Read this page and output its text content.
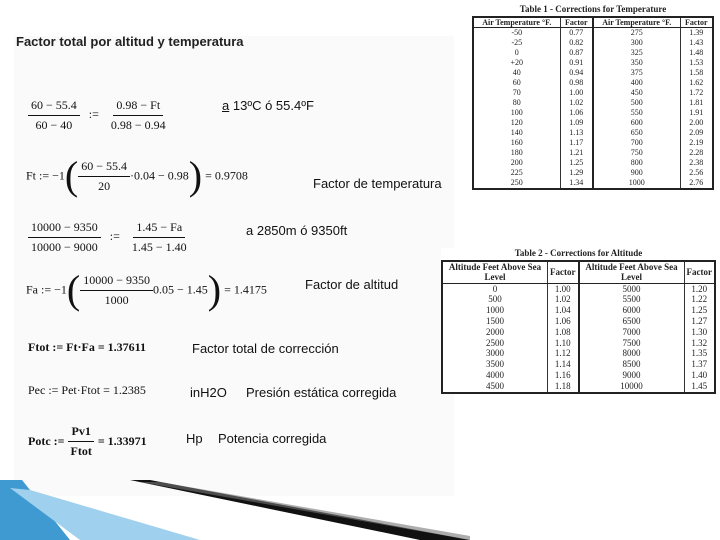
Factor total por altitud y temperatura
$\frac{60 - 55.4}{60 - 40}$ := $\frac{0.98 - Ft}{0.98 - 0.94}$	a 13ºC ó 55.4ºF
Ft := $-1( \frac{60 - 55.4}{20} \cdot 0.04 - 0.98) = 0.9708$
Factor de temperatura
$\frac{10000 - 9350}{10000 - 9000}$ := $\frac{1.45 - Fa}{1.45 - 1.40}$	a 2850m ó 9350ft
Fa := $-1( \frac{10000 - 9350}{1000} 0.05 - 1.45) = 1.4175$	Factor de altitud
Ftot := Ft·Fa = 1.37611	Factor total de corrección
Pec := Pet·Ftot = 1.2385	inH2O Presión estática corregida
Potc := $\frac{Pv1}{\text{Ftot}} = 1.33971$	Hp Potencia corregida
Table 1 - Corrections for Temperature
Air Temperature °F.	Factor	Air Temperature °F.	Factor
-50	0.77	275	1.39
-25	0.82	300	1.43
0	0.87	325	1.48
+20	0.91	350	1.53
40	0.94	375	1.58
60	0.98	400	1.62
70	1.00	450	1.72
80	1.02	500	1.81
100	1.06	550	1.91
120	1.09	600	2.00
140	1.13	650	2.09
160	1.17	700	2.19
180	1.21	750	2.28
200	1.25	800	2.38
225	1.29	900	2.56
250	1.34	1000	2.76
Table 2 - Corrections for Altitude
Altitude Feet Above Sea Level	Factor	Altitude Feet Above Sea Level	Factor
0	1.00	5000	1.20
500	1.02	5500	1.22
1000	1.04	6000	1.25
1500	1.06	6500	1.27
2000	1.08	7000	1.30
2500	1.10	7500	1.32
3000	1.12	8000	1.35
3500	1.14	8500	1.37
4000	1.16	9000	1.40
4500	1.18	10000	1.45
